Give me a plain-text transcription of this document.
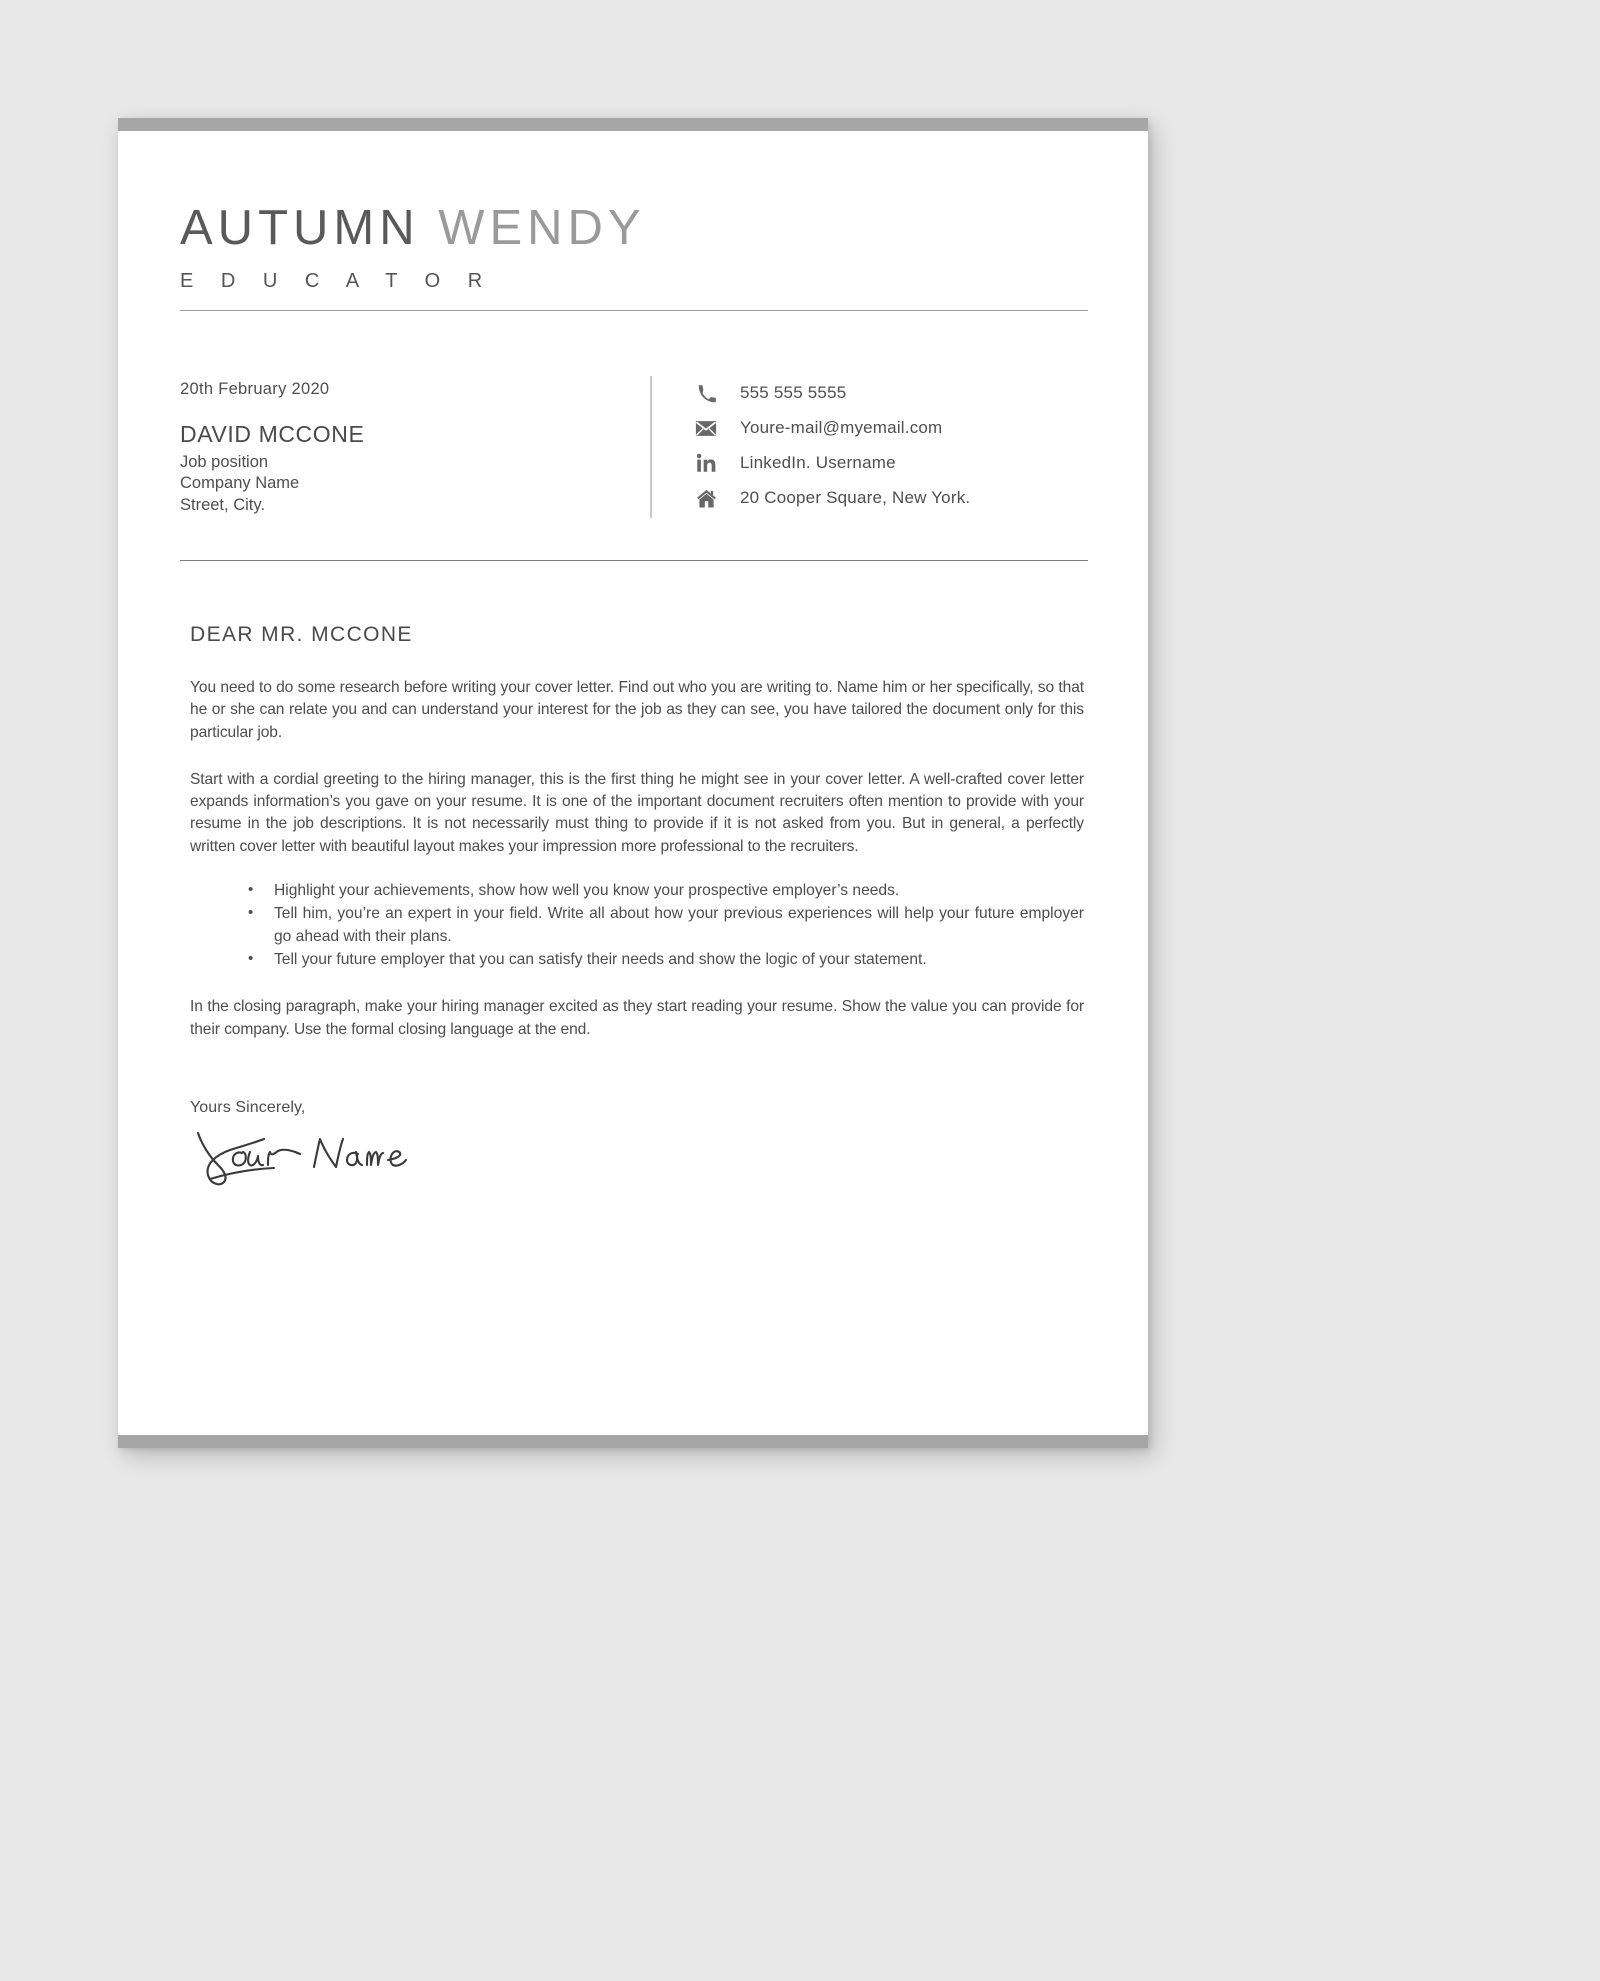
AUTUMN WENDY
E D U C A T O R
20th February 2020
DAVID MCCONE
Job position
Company Name
Street, City.
555 555 5555
Youre-mail@myemail.com
LinkedIn. Username
20 Cooper Square, New York.
DEAR MR. MCCONE

You need to do some research before writing your cover letter. Find out who you are writing to. Name him or her specifically, so that he or she can relate you and can understand your interest for the job as they can see, you have tailored the document only for this particular job.

Start with a cordial greeting to the hiring manager, this is the first thing he might see in your cover letter. A well-crafted cover letter expands information’s you gave on your resume. It is one of the important document recruiters often mention to provide with your resume in the job descriptions. It is not necessarily must thing to provide if it is not asked from you. But in general, a perfectly written cover letter with beautiful layout makes your impression more professional to the recruiters.

• Highlight your achievements, show how well you know your prospective employer’s needs.
• Tell him, you’re an expert in your field. Write all about how your previous experiences will help your future employer go ahead with their plans.
• Tell your future employer that you can satisfy their needs and show the logic of your statement.

In the closing paragraph, make your hiring manager excited as they start reading your resume. Show the value you can provide for their company. Use the formal closing language at the end.

Yours Sincerely,
